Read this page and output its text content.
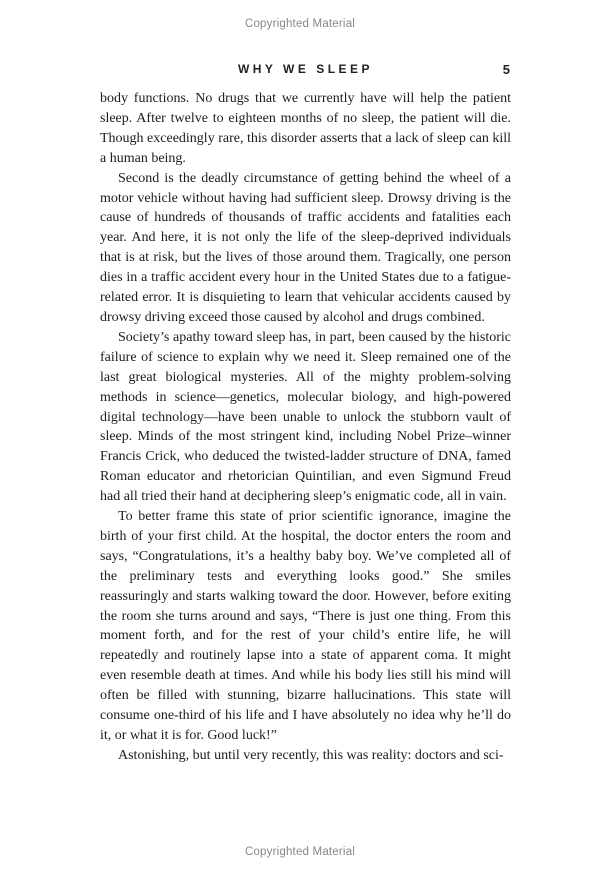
Copyrighted Material
WHY WE SLEEP	5

body functions. No drugs that we currently have will help the patient sleep. After twelve to eighteen months of no sleep, the patient will die. Though exceedingly rare, this disorder asserts that a lack of sleep can kill a human being.

Second is the deadly circumstance of getting behind the wheel of a motor vehicle without having had sufficient sleep. Drowsy driving is the cause of hundreds of thousands of traffic accidents and fatalities each year. And here, it is not only the life of the sleep-deprived individuals that is at risk, but the lives of those around them. Tragically, one person dies in a traffic accident every hour in the United States due to a fatigue-related error. It is disquieting to learn that vehicular accidents caused by drowsy driving exceed those caused by alcohol and drugs combined.

Society’s apathy toward sleep has, in part, been caused by the historic failure of science to explain why we need it. Sleep remained one of the last great biological mysteries. All of the mighty problem-solving methods in science—genetics, molecular biology, and high-powered digital technology—have been unable to unlock the stubborn vault of sleep. Minds of the most stringent kind, including Nobel Prize–winner Francis Crick, who deduced the twisted-ladder structure of DNA, famed Roman educator and rhetorician Quintilian, and even Sigmund Freud had all tried their hand at deciphering sleep’s enigmatic code, all in vain.

To better frame this state of prior scientific ignorance, imagine the birth of your first child. At the hospital, the doctor enters the room and says, “Congratulations, it’s a healthy baby boy. We’ve completed all of the preliminary tests and everything looks good.” She smiles reassuringly and starts walking toward the door. However, before exiting the room she turns around and says, “There is just one thing. From this moment forth, and for the rest of your child’s entire life, he will repeatedly and routinely lapse into a state of apparent coma. It might even resemble death at times. And while his body lies still his mind will often be filled with stunning, bizarre hallucinations. This state will consume one-third of his life and I have absolutely no idea why he’ll do it, or what it is for. Good luck!”

Astonishing, but until very recently, this was reality: doctors and sci-

Copyrighted Material
